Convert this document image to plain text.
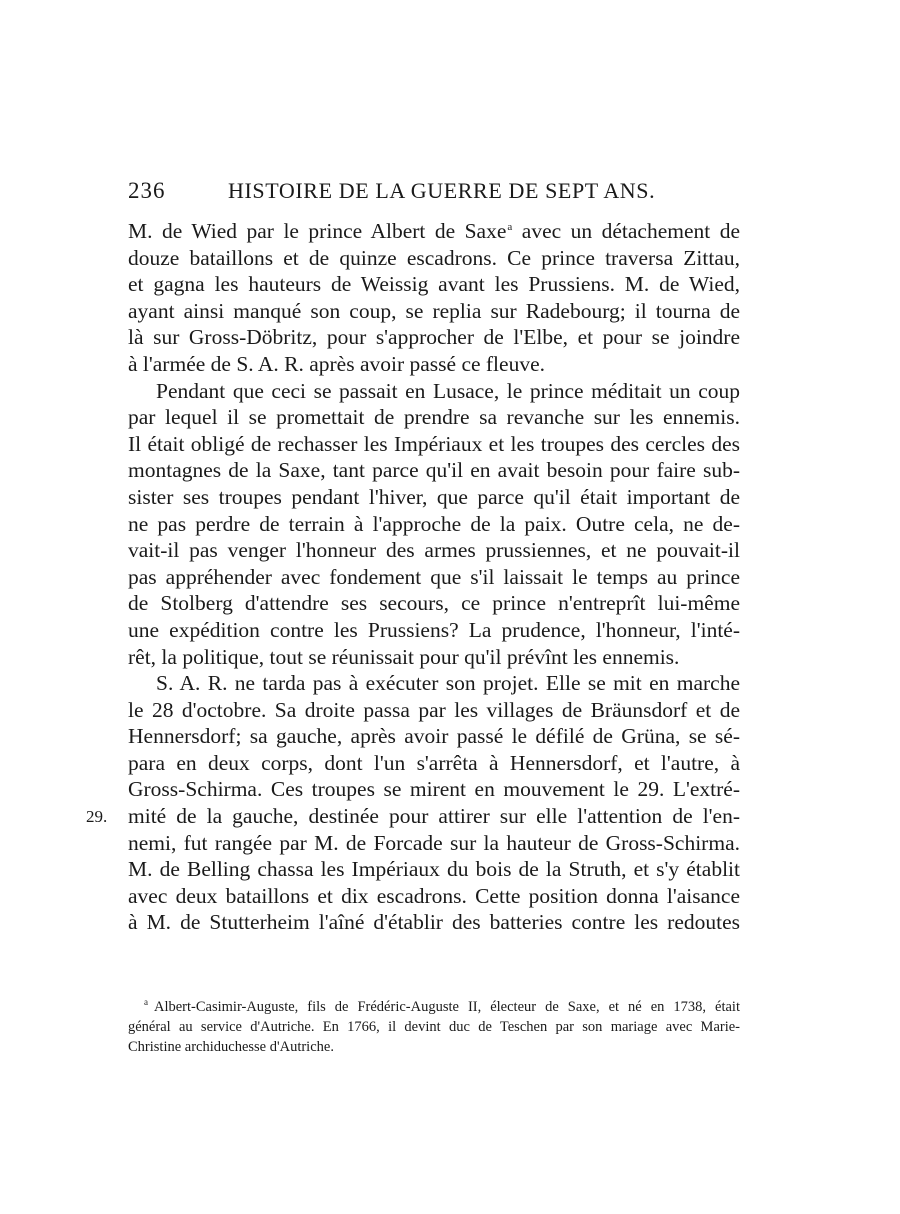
236	HISTOIRE DE LA GUERRE DE SEPT ANS.
29.
M. de Wied par le prince Albert de Saxe$^a$ avec un détachement de
douze bataillons et de quinze escadrons. Ce prince traversa Zittau,
et gagna les hauteurs de Weissig avant les Prussiens. M. de Wied,
ayant ainsi manqué son coup, se replia sur Radebourg; il tourna de
là sur Gross-Döbritz, pour s'approcher de l'Elbe, et pour se joindre
à l'armée de S. A. R. après avoir passé ce fleuve.
Pendant que ceci se passait en Lusace, le prince méditait un coup
par lequel il se promettait de prendre sa revanche sur les ennemis.
Il était obligé de rechasser les Impériaux et les troupes des cercles des
montagnes de la Saxe, tant parce qu'il en avait besoin pour faire sub-
sister ses troupes pendant l'hiver, que parce qu'il était important de
ne pas perdre de terrain à l'approche de la paix. Outre cela, ne de-
vait-il pas venger l'honneur des armes prussiennes, et ne pouvait-il
pas appréhender avec fondement que s'il laissait le temps au prince
de Stolberg d'attendre ses secours, ce prince n'entreprît lui-même
une expédition contre les Prussiens? La prudence, l'honneur, l'inté-
rêt, la politique, tout se réunissait pour qu'il prévînt les ennemis.
S. A. R. ne tarda pas à exécuter son projet. Elle se mit en marche
le 28 d'octobre. Sa droite passa par les villages de Bräunsdorf et de
Hennersdorf; sa gauche, après avoir passé le défilé de Grüna, se sé-
para en deux corps, dont l'un s'arrêta à Hennersdorf, et l'autre, à
Gross-Schirma. Ces troupes se mirent en mouvement le 29. L'extré-
mité de la gauche, destinée pour attirer sur elle l'attention de l'en-
nemi, fut rangée par M. de Forcade sur la hauteur de Gross-Schirma.
M. de Belling chassa les Impériaux du bois de la Struth, et s'y établit
avec deux bataillons et dix escadrons. Cette position donna l'aisance
à M. de Stutterheim l'aîné d'établir des batteries contre les redoutes
$^a$ Albert-Casimir-Auguste, fils de Frédéric-Auguste II, électeur de Saxe, et né en 1738, était
général au service d'Autriche. En 1766, il devint duc de Teschen par son mariage avec Marie-
Christine archiduchesse d'Autriche.
